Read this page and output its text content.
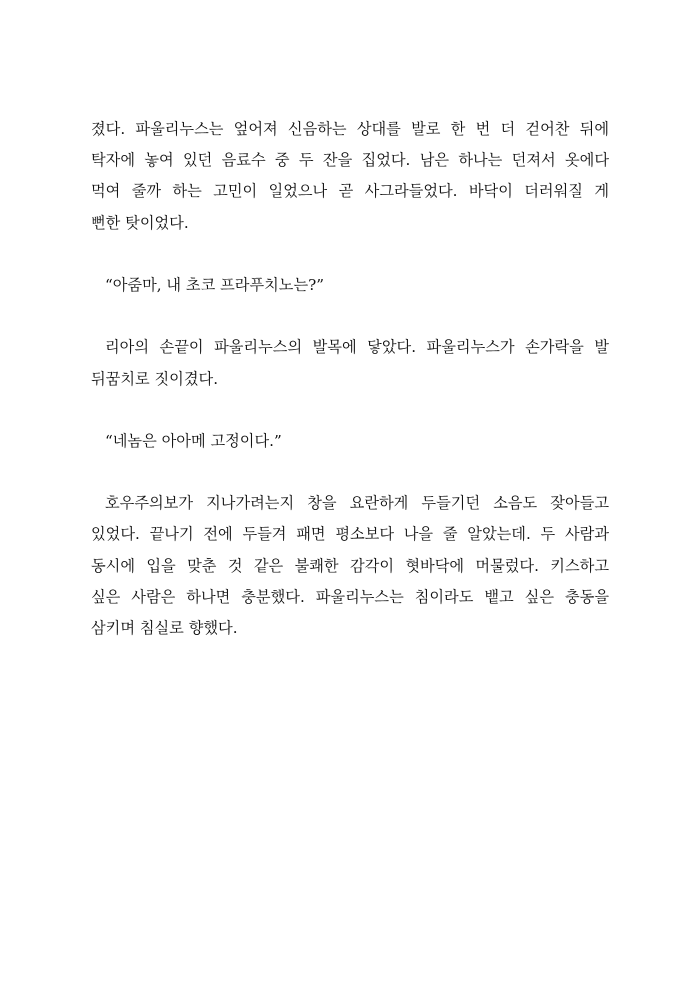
졌다. 파울리누스는 엎어져 신음하는 상대를 발로 한 번 더 걷어찬 뒤에
탁자에 놓여 있던 음료수 중 두 잔을 집었다. 남은 하나는 던져서 옷에다
먹여 줄까 하는 고민이 일었으나 곧 사그라들었다. 바닥이 더러워질 게
뻔한 탓이었다.
“아줌마, 내 초코 프라푸치노는?”
리아의 손끝이 파울리누스의 발목에 닿았다. 파울리누스가 손가락을 발
뒤꿈치로 짓이겼다.
“네놈은 아아메 고정이다.”
호우주의보가 지나가려는지 창을 요란하게 두들기던 소음도 잦아들고
있었다. 끝나기 전에 두들겨 패면 평소보다 나을 줄 알았는데. 두 사람과
동시에 입을 맞춘 것 같은 불쾌한 감각이 혓바닥에 머물렀다. 키스하고
싶은 사람은 하나면 충분했다. 파울리누스는 침이라도 뱉고 싶은 충동을
삼키며 침실로 향했다.
